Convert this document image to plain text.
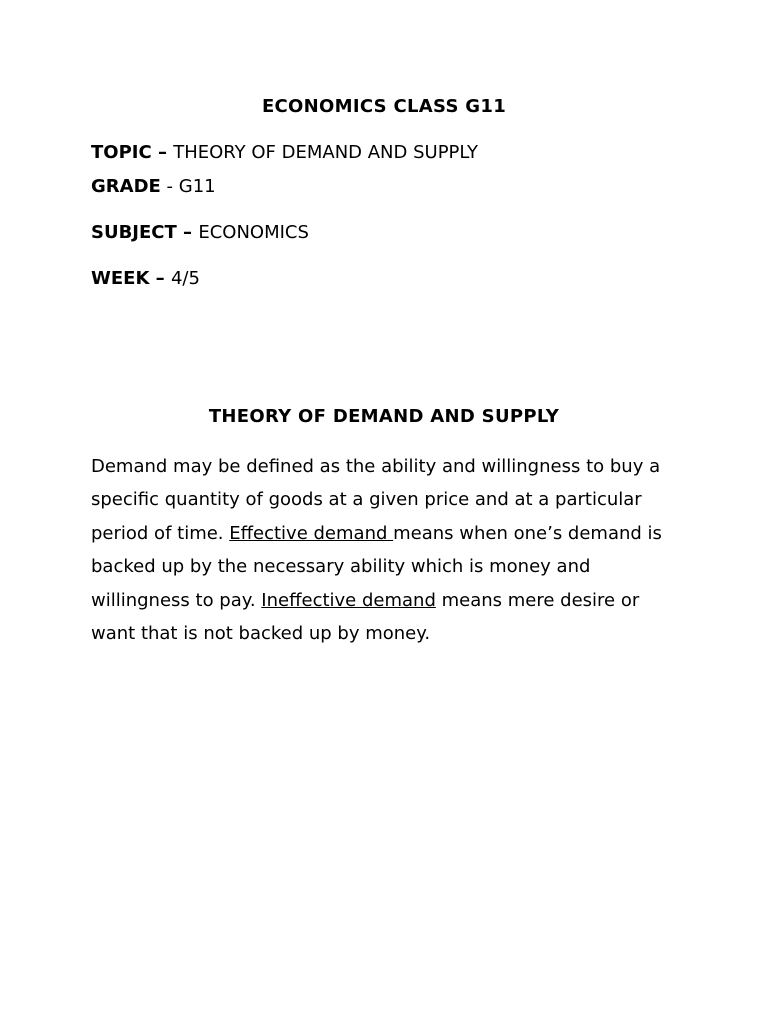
ECONOMICS CLASS G11
TOPIC – THEORY OF DEMAND AND SUPPLY
GRADE - G11
SUBJECT – ECONOMICS
WEEK – 4/5
THEORY OF DEMAND AND SUPPLY
Demand may be defined as the ability and willingness to buy a
specific quantity of goods at a given price and at a particular
period of time. Effective demand means when one’s demand is
backed up by the necessary ability which is money and
willingness to pay. Ineffective demand means mere desire or
want that is not backed up by money.
